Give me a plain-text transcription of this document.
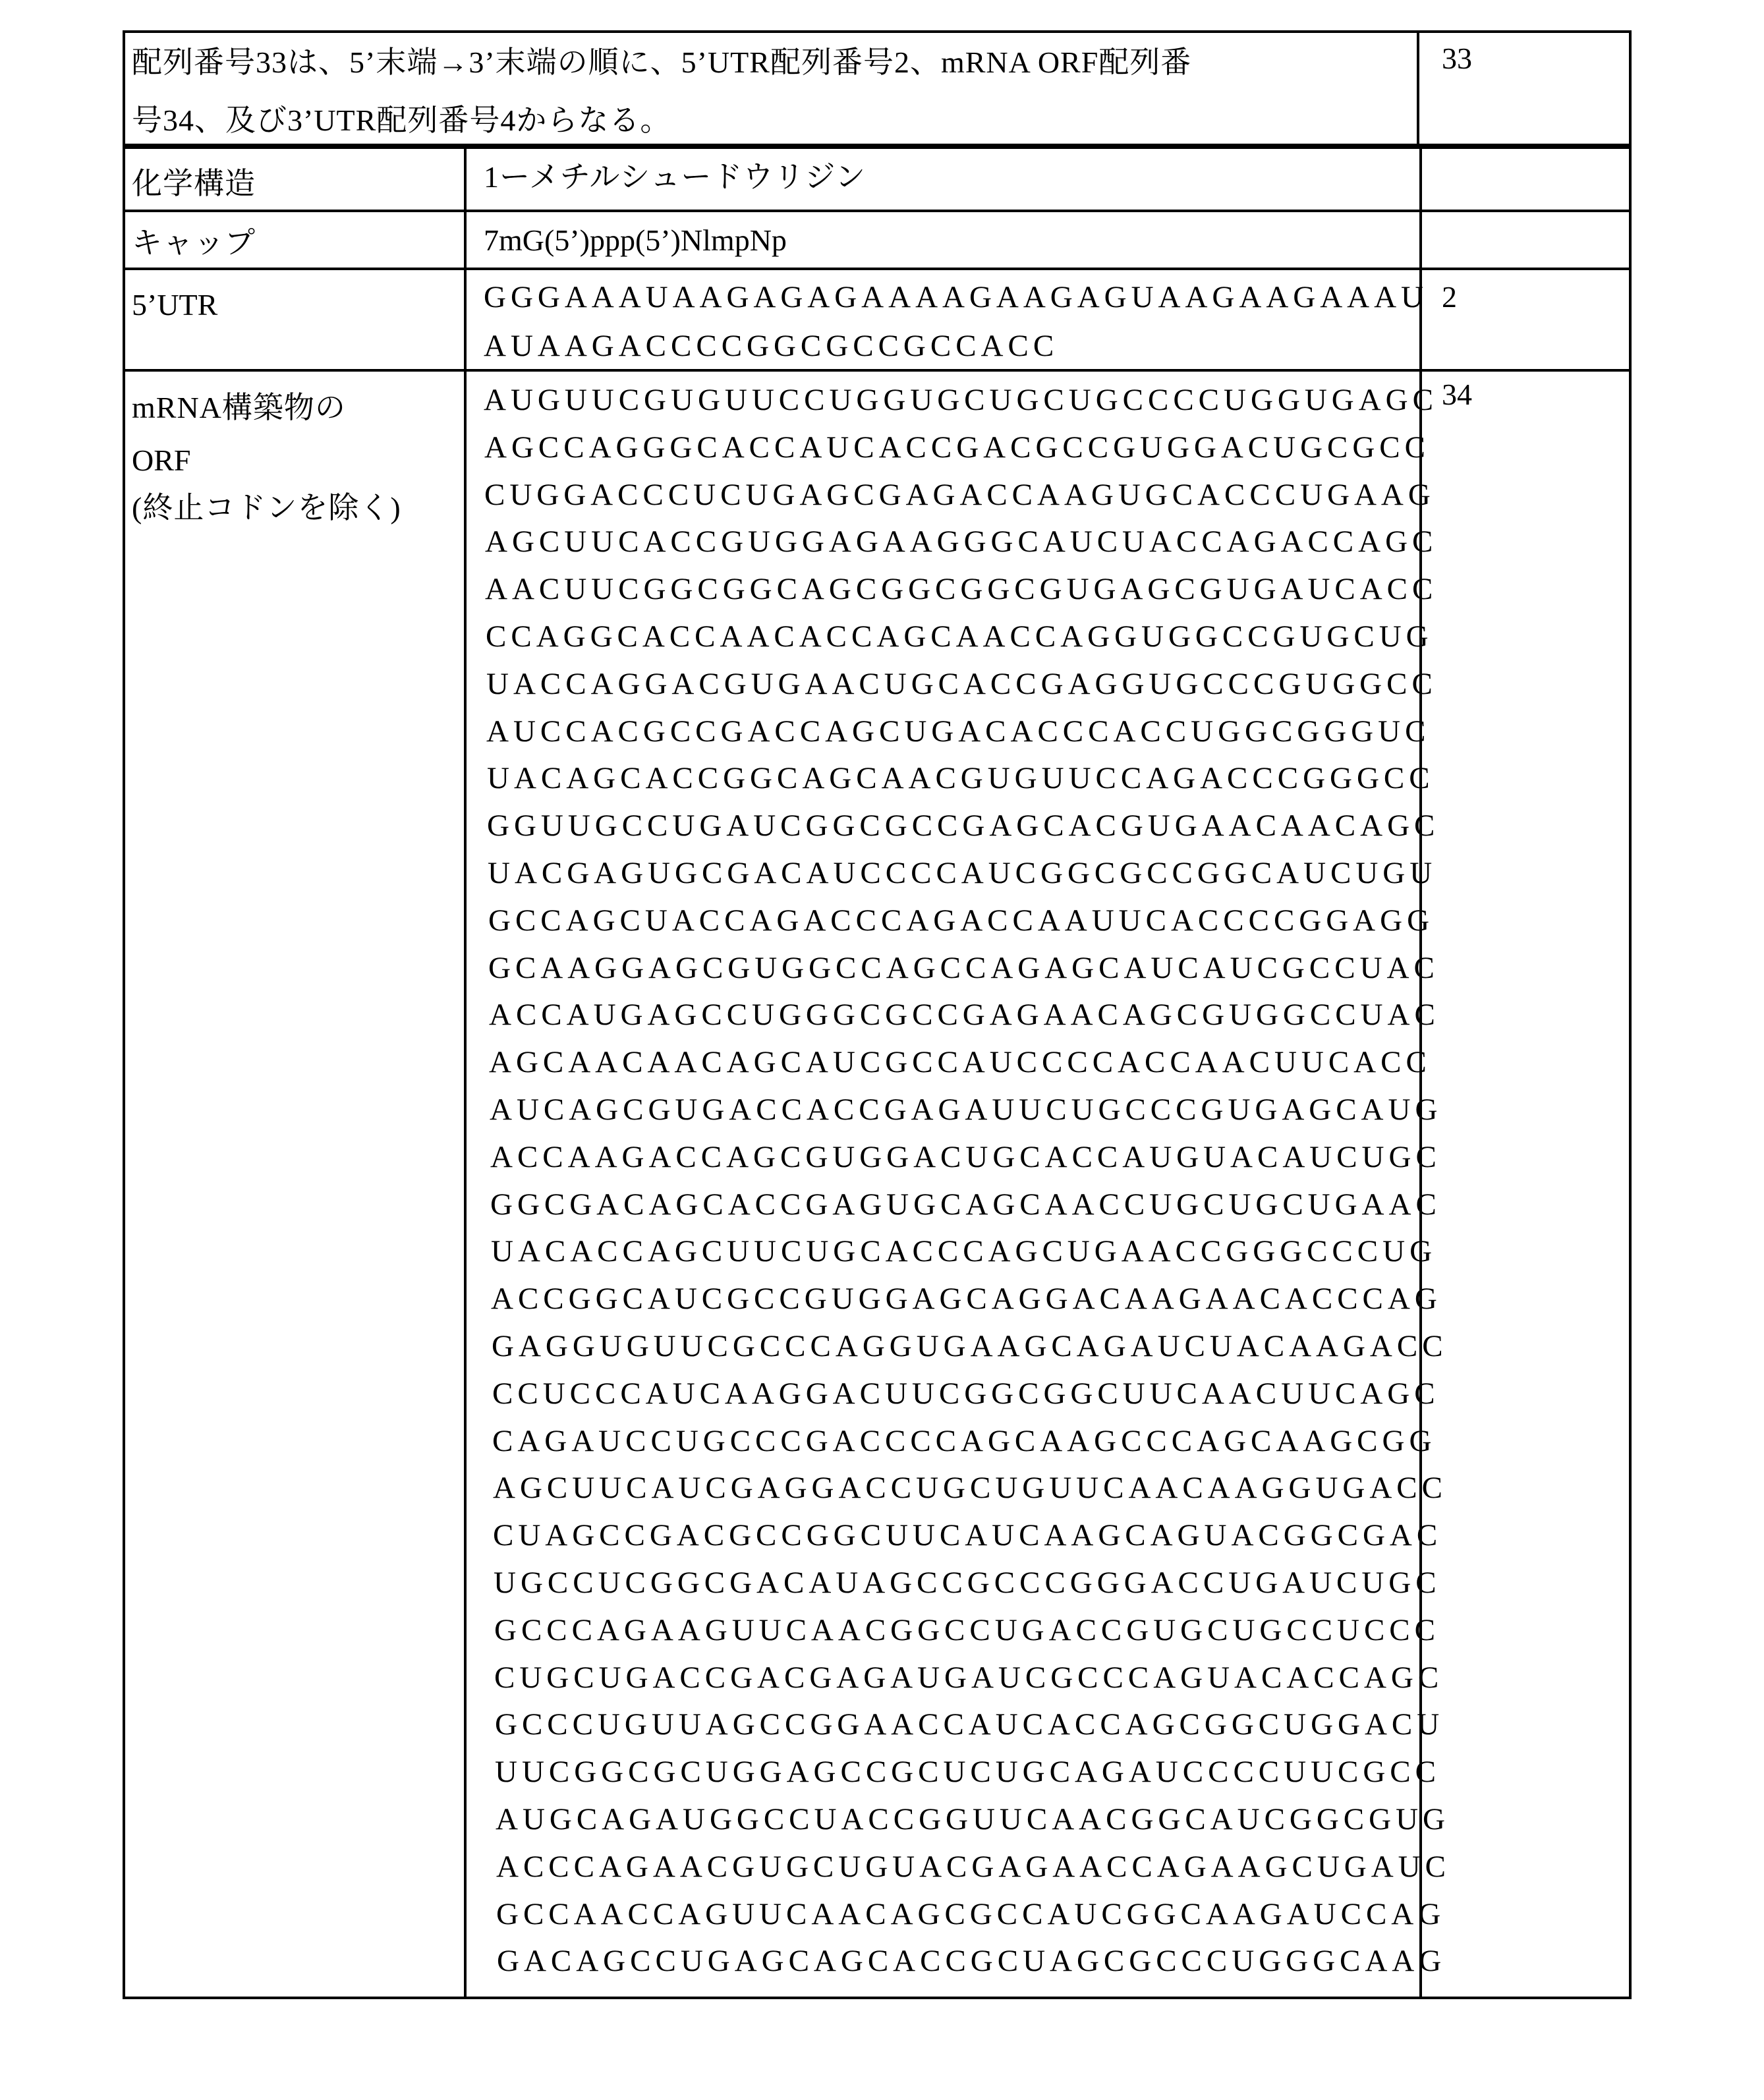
配列番号33は、5’末端→3’末端の順に、5’UTR配列番号2、mRNA ORF配列番
号34、及び3’UTR配列番号4からなる。
33
化学構造	1ーメチルシュードウリジン
キャップ	7mG(5’)ppp(5’)NlmpNp
5’UTR	GGGAAAUAAGAGAGAAAAGAAGAGUAAGAAGAAAU
AUAAGACCCCGGCGCCGCCACC
2
mRNA構築物の
ORF
(終止コドンを除く)
34
AUGUUCGUGUUCCUGGUGCUGCUGCCCCUGGUGAGC
AGCCAGGGCACCAUCACCGACGCCGUGGACUGCGCC
CUGGACCCUCUGAGCGAGACCAAGUGCACCCUGAAG
AGCUUCACCGUGGAGAAGGGCAUCUACCAGACCAGC
AACUUCGGCGGCAGCGGCGGCGUGAGCGUGAUCACC
CCAGGCACCAACACCAGCAACCAGGUGGCCGUGCUG
UACCAGGACGUGAACUGCACCGAGGUGCCCGUGGCC
AUCCACGCCGACCAGCUGACACCCACCUGGCGGGUC
UACAGCACCGGCAGCAACGUGUUCCAGACCCGGGCC
GGUUGCCUGAUCGGCGCCGAGCACGUGAACAACAGC
UACGAGUGCGACAUCCCCAUCGGCGCCGGCAUCUGU
GCCAGCUACCAGACCCAGACCAAUUCACCCCGGAGG
GCAAGGAGCGUGGCCAGCCAGAGCAUCAUCGCCUAC
ACCAUGAGCCUGGGCGCCGAGAACAGCGUGGCCUAC
AGCAACAACAGCAUCGCCAUCCCCACCAACUUCACC
AUCAGCGUGACCACCGAGAUUCUGCCCGUGAGCAUG
ACCAAGACCAGCGUGGACUGCACCAUGUACAUCUGC
GGCGACAGCACCGAGUGCAGCAACCUGCUGCUGAAC
UACACCAGCUUCUGCACCCAGCUGAACCGGGCCCUG
ACCGGCAUCGCCGUGGAGCAGGACAAGAACACCCAG
GAGGUGUUCGCCCAGGUGAAGCAGAUCUACAAGACC
CCUCCCAUCAAGGACUUCGGCGGCUUCAACUUCAGC
CAGAUCCUGCCCGACCCCAGCAAGCCCAGCAAGCGG
AGCUUCAUCGAGGACCUGCUGUUCAACAAGGUGACC
CUAGCCGACGCCGGCUUCAUCAAGCAGUACGGCGAC
UGCCUCGGCGACAUAGCCGCCCGGGACCUGAUCUGC
GCCCAGAAGUUCAACGGCCUGACCGUGCUGCCUCCC
CUGCUGACCGACGAGAUGAUCGCCCAGUACACCAGC
GCCCUGUUAGCCGGAACCAUCACCAGCGGCUGGACU
UUCGGCGCUGGAGCCGCUCUGCAGAUCCCCUUCGCC
AUGCAGAUGGCCUACCGGUUCAACGGCAUCGGCGUG
ACCCAGAACGUGCUGUACGAGAACCAGAAGCUGAUC
GCCAACCAGUUCAACAGCGCCAUCGGCAAGAUCCAG
GACAGCCUGAGCAGCACCGCUAGCGCCCUGGGCAAG
